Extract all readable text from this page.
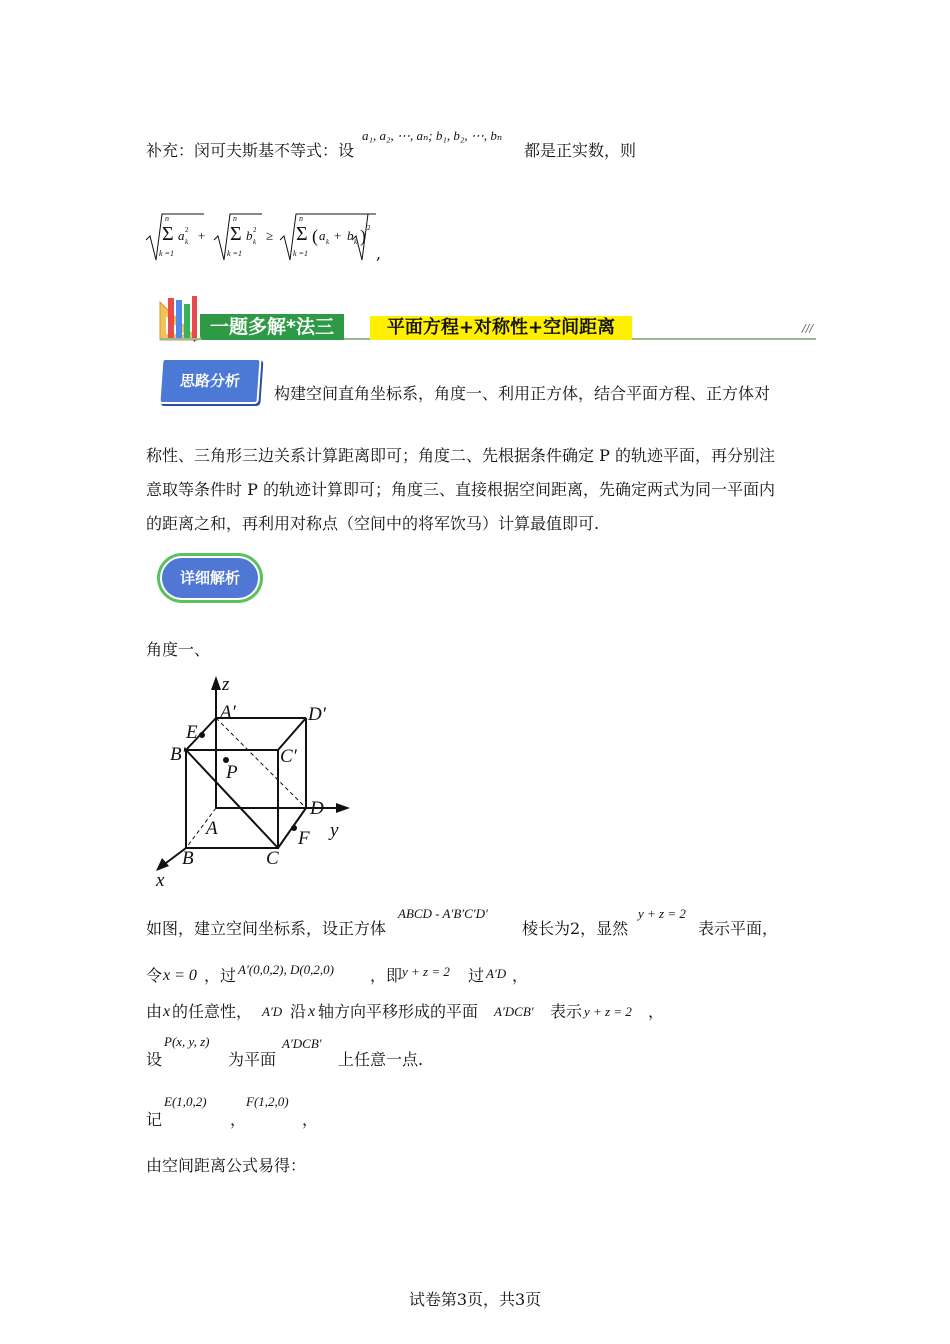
补充：闵可夫斯基不等式：设
a₁, a₂, ⋯, aₙ; b₁, b₂, ⋯, bₙ
都是正实数，则
Σ
n
k =1
a k
2 + Σ
n
k =1
b k
2 ≥ Σ
n
k =1
( a k + b k ) 2
,
一题多解*法三	平面方程+对称性+空间距离	///
思路分析
构建空间直角坐标系，角度一、利用正方体，结合平面方程、正方体对
称性、三角形三边关系计算距离即可；角度二、先根据条件确定 P 的轨迹平面，再分别注
意取等条件时 P 的轨迹计算即可；角度三、直接根据空间距离，先确定两式为同一平面内
的距离之和，再利用对称点（空间中的将军饮马）计算最值即可.
详细解析
角度一、
z
A′	D′
E
B′	C′
P
D
A	y
F
B	C
x
如图，建立空间坐标系，设正方体
ABCD - A′B′C′D′
棱长为2，显然
y + z = 2
表示平面，
令 x = 0 ，过 A′(0,0,2), D(0,2,0) ，即 y + z = 2 过 A′D ，
由 x 的任意性， A′D 沿 x 轴方向平移形成的平面 A′DCB′ 表示 y + z = 2 ，
设
P(x, y, z)
为平面
A′DCB′
上任意一点.
记
E(1,0,2)
，
F(1,2,0)
，
由空间距离公式易得：
试卷第3页，共3页
